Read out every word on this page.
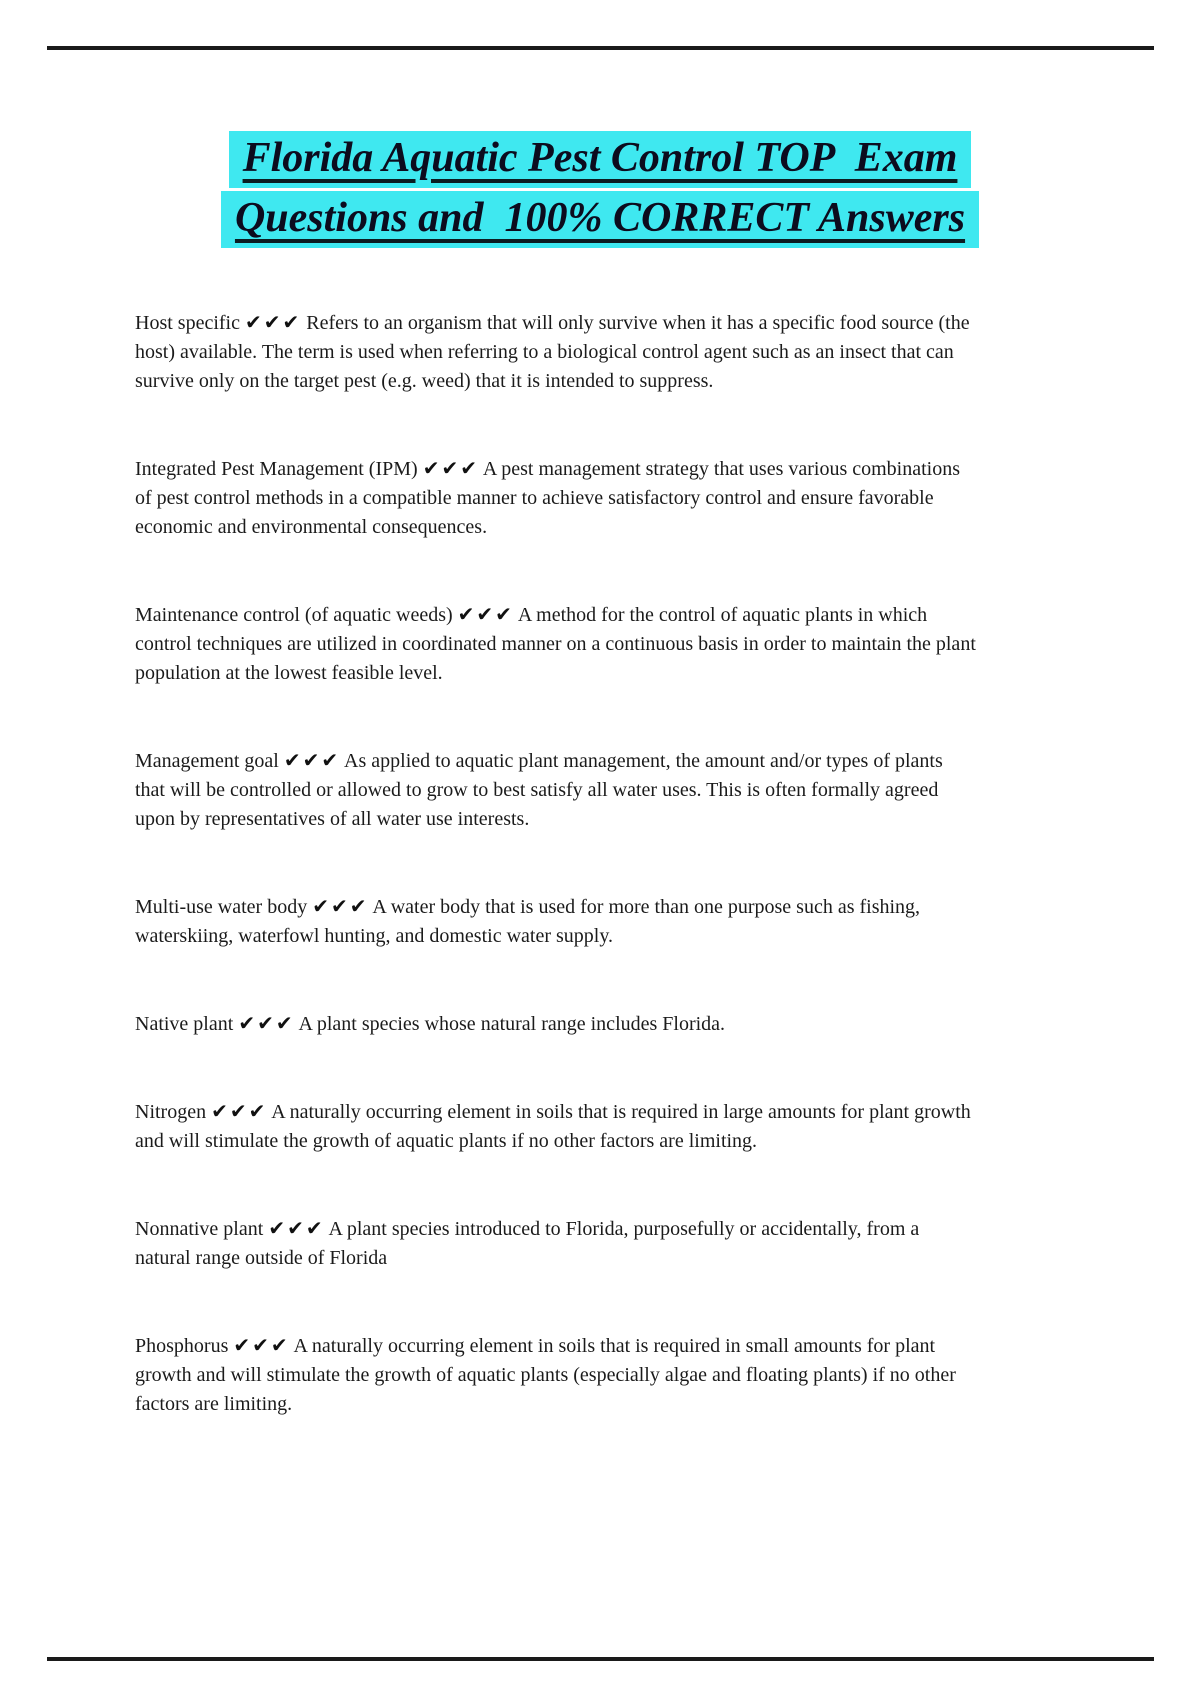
Florida Aquatic Pest Control TOP  Exam
Questions and  100% CORRECT Answers

Host specific ✔✔✔ Refers to an organism that will only survive when it has a specific food source (the host) available. The term is used when referring to a biological control agent such as an insect that can survive only on the target pest (e.g. weed) that it is intended to suppress.

Integrated Pest Management (IPM) ✔✔✔ A pest management strategy that uses various combinations of pest control methods in a compatible manner to achieve satisfactory control and ensure favorable economic and environmental consequences.

Maintenance control (of aquatic weeds) ✔✔✔ A method for the control of aquatic plants in which control techniques are utilized in coordinated manner on a continuous basis in order to maintain the plant population at the lowest feasible level.

Management goal ✔✔✔ As applied to aquatic plant management, the amount and/or types of plants that will be controlled or allowed to grow to best satisfy all water uses. This is often formally agreed upon by representatives of all water use interests.

Multi-use water body ✔✔✔ A water body that is used for more than one purpose such as fishing, waterskiing, waterfowl hunting, and domestic water supply.

Native plant ✔✔✔ A plant species whose natural range includes Florida.

Nitrogen ✔✔✔ A naturally occurring element in soils that is required in large amounts for plant growth and will stimulate the growth of aquatic plants if no other factors are limiting.

Nonnative plant ✔✔✔ A plant species introduced to Florida, purposefully or accidentally, from a natural range outside of Florida

Phosphorus ✔✔✔ A naturally occurring element in soils that is required in small amounts for plant growth and will stimulate the growth of aquatic plants (especially algae and floating plants) if no other factors are limiting.
